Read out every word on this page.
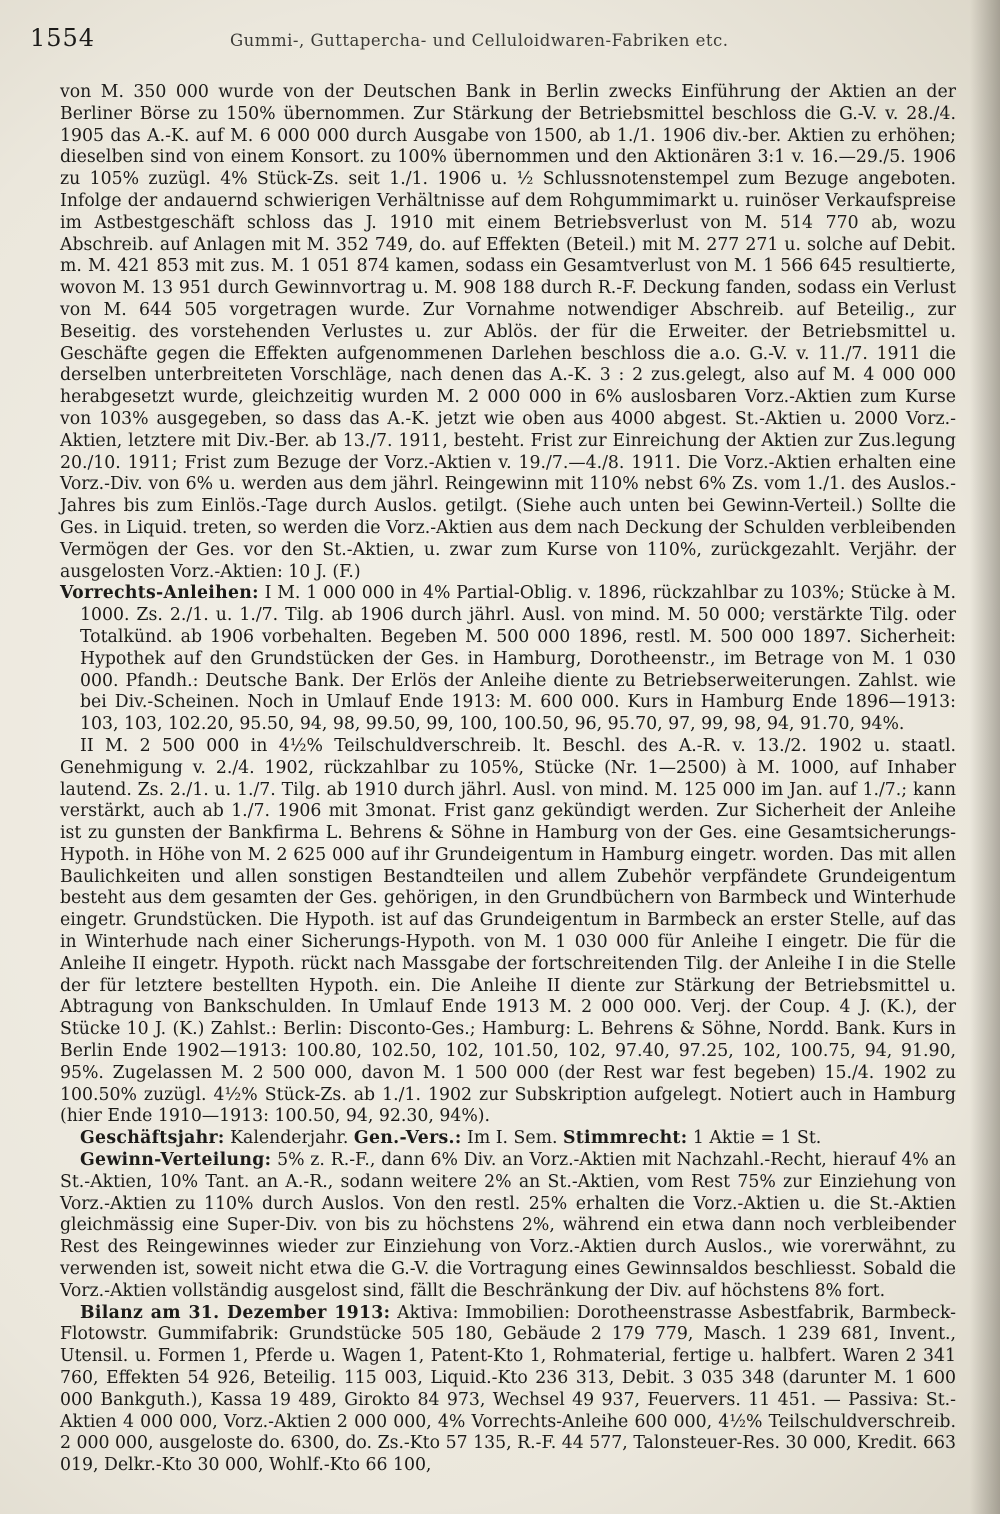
1554	Gummi-, Guttapercha- und Celluloidwaren-Fabriken etc.

von M. 350 000 wurde von der Deutschen Bank in Berlin zwecks Einführung der Aktien an der Berliner Börse zu 150% übernommen. Zur Stärkung der Betriebsmittel beschloss die G.-V. v. 28./4. 1905 das A.-K. auf M. 6 000 000 durch Ausgabe von 1500, ab 1./1. 1906 div.-ber. Aktien zu erhöhen; dieselben sind von einem Konsort. zu 100% übernommen und den Aktionären 3:1 v. 16.—29./5. 1906 zu 105% zuzügl. 4% Stück-Zs. seit 1./1. 1906 u. ½ Schlussnotenstempel zum Bezuge angeboten. Infolge der andauernd schwierigen Verhältnisse auf dem Rohgummimarkt u. ruinöser Verkaufspreise im Astbestgeschäft schloss das J. 1910 mit einem Betriebsverlust von M. 514 770 ab, wozu Abschreib. auf Anlagen mit M. 352 749, do. auf Effekten (Beteil.) mit M. 277 271 u. solche auf Debit. m. M. 421 853 mit zus. M. 1 051 874 kamen, sodass ein Gesamtverlust von M. 1 566 645 resultierte, wovon M. 13 951 durch Gewinnvortrag u. M. 908 188 durch R.-F. Deckung fanden, sodass ein Verlust von M. 644 505 vorgetragen wurde. Zur Vornahme notwendiger Abschreib. auf Beteilig., zur Beseitig. des vorstehenden Verlustes u. zur Ablös. der für die Erweiter. der Betriebsmittel u. Geschäfte gegen die Effekten aufgenommenen Darlehen beschloss die a.o. G.-V. v. 11./7. 1911 die derselben unterbreiteten Vorschläge, nach denen das A.-K. 3 : 2 zus.gelegt, also auf M. 4 000 000 herabgesetzt wurde, gleichzeitig wurden M. 2 000 000 in 6% auslosbaren Vorz.-Aktien zum Kurse von 103% ausgegeben, so dass das A.-K. jetzt wie oben aus 4000 abgest. St.-Aktien u. 2000 Vorz.-Aktien, letztere mit Div.-Ber. ab 13./7. 1911, besteht. Frist zur Einreichung der Aktien zur Zus.legung 20./10. 1911; Frist zum Bezuge der Vorz.-Aktien v. 19./7.—4./8. 1911. Die Vorz.-Aktien erhalten eine Vorz.-Div. von 6% u. werden aus dem jährl. Reingewinn mit 110% nebst 6% Zs. vom 1./1. des Auslos.-Jahres bis zum Einlös.-Tage durch Auslos. getilgt. (Siehe auch unten bei Gewinn-Verteil.) Sollte die Ges. in Liquid. treten, so werden die Vorz.-Aktien aus dem nach Deckung der Schulden verbleibenden Vermögen der Ges. vor den St.-Aktien, u. zwar zum Kurse von 110%, zurückgezahlt. Verjähr. der ausgelosten Vorz.-Aktien: 10 J. (F.)

Vorrechts-Anleihen: I M. 1 000 000 in 4% Partial-Oblig. v. 1896, rückzahlbar zu 103%; Stücke à M. 1000. Zs. 2./1. u. 1./7. Tilg. ab 1906 durch jährl. Ausl. von mind. M. 50 000; verstärkte Tilg. oder Totalkünd. ab 1906 vorbehalten. Begeben M. 500 000 1896, restl. M. 500 000 1897. Sicherheit: Hypothek auf den Grundstücken der Ges. in Hamburg, Dorotheenstr., im Betrage von M. 1 030 000. Pfandh.: Deutsche Bank. Der Erlös der Anleihe diente zu Betriebserweiterungen. Zahlst. wie bei Div.-Scheinen. Noch in Umlauf Ende 1913: M. 600 000. Kurs in Hamburg Ende 1896—1913: 103, 103, 102.20, 95.50, 94, 98, 99.50, 99, 100, 100.50, 96, 95.70, 97, 99, 98, 94, 91.70, 94%.

II M. 2 500 000 in 4½% Teilschuldverschreib. lt. Beschl. des A.-R. v. 13./2. 1902 u. staatl. Genehmigung v. 2./4. 1902, rückzahlbar zu 105%, Stücke (Nr. 1—2500) à M. 1000, auf Inhaber lautend. Zs. 2./1. u. 1./7. Tilg. ab 1910 durch jährl. Ausl. von mind. M. 125 000 im Jan. auf 1./7.; kann verstärkt, auch ab 1./7. 1906 mit 3monat. Frist ganz gekündigt werden. Zur Sicherheit der Anleihe ist zu gunsten der Bankfirma L. Behrens & Söhne in Hamburg von der Ges. eine Gesamtsicherungs-Hypoth. in Höhe von M. 2 625 000 auf ihr Grundeigentum in Hamburg eingetr. worden. Das mit allen Baulichkeiten und allen sonstigen Bestandteilen und allem Zubehör verpfändete Grundeigentum besteht aus dem gesamten der Ges. gehörigen, in den Grundbüchern von Barmbeck und Winterhude eingetr. Grundstücken. Die Hypoth. ist auf das Grundeigentum in Barmbeck an erster Stelle, auf das in Winterhude nach einer Sicherungs-Hypoth. von M. 1 030 000 für Anleihe I eingetr. Die für die Anleihe II eingetr. Hypoth. rückt nach Massgabe der fortschreitenden Tilg. der Anleihe I in die Stelle der für letztere bestellten Hypoth. ein. Die Anleihe II diente zur Stärkung der Betriebsmittel u. Abtragung von Bankschulden. In Umlauf Ende 1913 M. 2 000 000. Verj. der Coup. 4 J. (K.), der Stücke 10 J. (K.) Zahlst.: Berlin: Disconto-Ges.; Hamburg: L. Behrens & Söhne, Nordd. Bank. Kurs in Berlin Ende 1902—1913: 100.80, 102.50, 102, 101.50, 102, 97.40, 97.25, 102, 100.75, 94, 91.90, 95%. Zugelassen M. 2 500 000, davon M. 1 500 000 (der Rest war fest begeben) 15./4. 1902 zu 100.50% zuzügl. 4½% Stück-Zs. ab 1./1. 1902 zur Subskription aufgelegt. Notiert auch in Hamburg (hier Ende 1910—1913: 100.50, 94, 92.30, 94%).

Geschäftsjahr: Kalenderjahr. Gen.-Vers.: Im I. Sem. Stimmrecht: 1 Aktie = 1 St.

Gewinn-Verteilung: 5% z. R.-F., dann 6% Div. an Vorz.-Aktien mit Nachzahl.-Recht, hierauf 4% an St.-Aktien, 10% Tant. an A.-R., sodann weitere 2% an St.-Aktien, vom Rest 75% zur Einziehung von Vorz.-Aktien zu 110% durch Auslos. Von den restl. 25% erhalten die Vorz.-Aktien u. die St.-Aktien gleichmässig eine Super-Div. von bis zu höchstens 2%, während ein etwa dann noch verbleibender Rest des Reingewinnes wieder zur Einziehung von Vorz.-Aktien durch Auslos., wie vorerwähnt, zu verwenden ist, soweit nicht etwa die G.-V. die Vortragung eines Gewinnsaldos beschliesst. Sobald die Vorz.-Aktien vollständig ausgelost sind, fällt die Beschränkung der Div. auf höchstens 8% fort.

Bilanz am 31. Dezember 1913: Aktiva: Immobilien: Dorotheenstrasse Asbestfabrik, Barmbeck-Flotowstr. Gummifabrik: Grundstücke 505 180, Gebäude 2 179 779, Masch. 1 239 681, Invent., Utensil. u. Formen 1, Pferde u. Wagen 1, Patent-Kto 1, Rohmaterial, fertige u. halbfert. Waren 2 341 760, Effekten 54 926, Beteilig. 115 003, Liquid.-Kto 236 313, Debit. 3 035 348 (darunter M. 1 600 000 Bankguth.), Kassa 19 489, Girokto 84 973, Wechsel 49 937, Feuervers. 11 451. — Passiva: St.-Aktien 4 000 000, Vorz.-Aktien 2 000 000, 4% Vorrechts-Anleihe 600 000, 4½% Teilschuldverschreib. 2 000 000, ausgeloste do. 6300, do. Zs.-Kto 57 135, R.-F. 44 577, Talonsteuer-Res. 30 000, Kredit. 663 019, Delkr.-Kto 30 000, Wohlf.-Kto 66 100,
